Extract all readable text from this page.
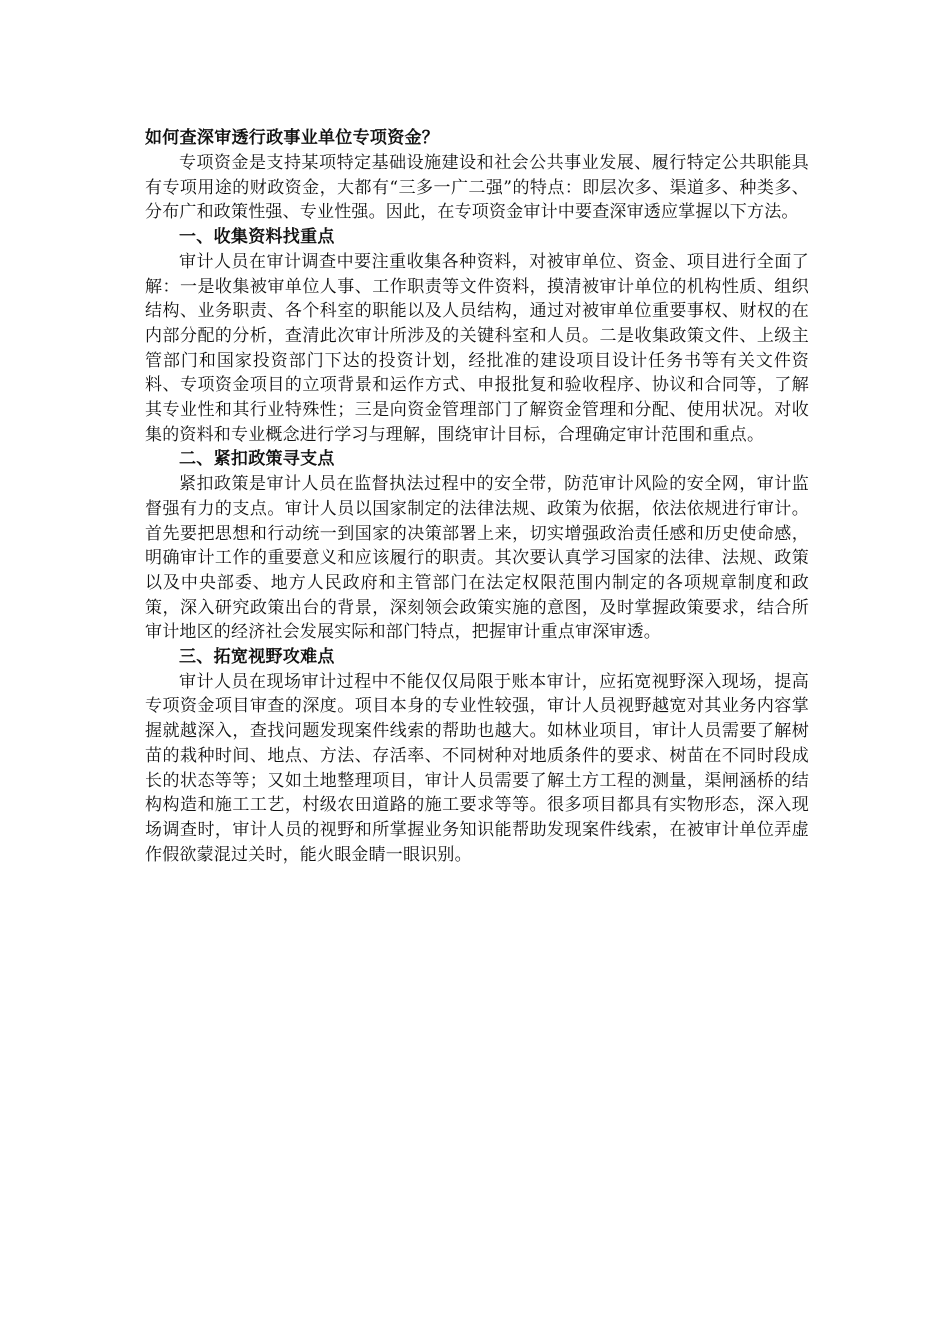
如何查深审透行政事业单位专项资金？

专项资金是支持某项特定基础设施建设和社会公共事业发展、履行特定公共职能具有专项用途的财政资金，大都有“三多一广二强”的特点：即层次多、渠道多、种类多、分布广和政策性强、专业性强。因此，在专项资金审计中要查深审透应掌握以下方法。

一、收集资料找重点

审计人员在审计调查中要注重收集各种资料，对被审单位、资金、项目进行全面了解：一是收集被审单位人事、工作职责等文件资料，摸清被审计单位的机构性质、组织结构、业务职责、各个科室的职能以及人员结构，通过对被审单位重要事权、财权的在内部分配的分析，查清此次审计所涉及的关键科室和人员。二是收集政策文件、上级主管部门和国家投资部门下达的投资计划，经批准的建设项目设计任务书等有关文件资料、专项资金项目的立项背景和运作方式、申报批复和验收程序、协议和合同等，了解其专业性和其行业特殊性；三是向资金管理部门了解资金管理和分配、使用状况。对收集的资料和专业概念进行学习与理解，围绕审计目标，合理确定审计范围和重点。

二、紧扣政策寻支点

紧扣政策是审计人员在监督执法过程中的安全带，防范审计风险的安全网，审计监督强有力的支点。审计人员以国家制定的法律法规、政策为依据，依法依规进行审计。首先要把思想和行动统一到国家的决策部署上来，切实增强政治责任感和历史使命感，明确审计工作的重要意义和应该履行的职责。其次要认真学习国家的法律、法规、政策以及中央部委、地方人民政府和主管部门在法定权限范围内制定的各项规章制度和政策，深入研究政策出台的背景，深刻领会政策实施的意图，及时掌握政策要求，结合所审计地区的经济社会发展实际和部门特点，把握审计重点审深审透。

三、拓宽视野攻难点

审计人员在现场审计过程中不能仅仅局限于账本审计，应拓宽视野深入现场，提高专项资金项目审查的深度。项目本身的专业性较强，审计人员视野越宽对其业务内容掌握就越深入，查找问题发现案件线索的帮助也越大。如林业项目，审计人员需要了解树苗的栽种时间、地点、方法、存活率、不同树种对地质条件的要求、树苗在不同时段成长的状态等等；又如土地整理项目，审计人员需要了解土方工程的测量，渠闸涵桥的结构构造和施工工艺，村级农田道路的施工要求等等。很多项目都具有实物形态，深入现场调查时，审计人员的视野和所掌握业务知识能帮助发现案件线索，在被审计单位弄虚作假欲蒙混过关时，能火眼金睛一眼识别。
